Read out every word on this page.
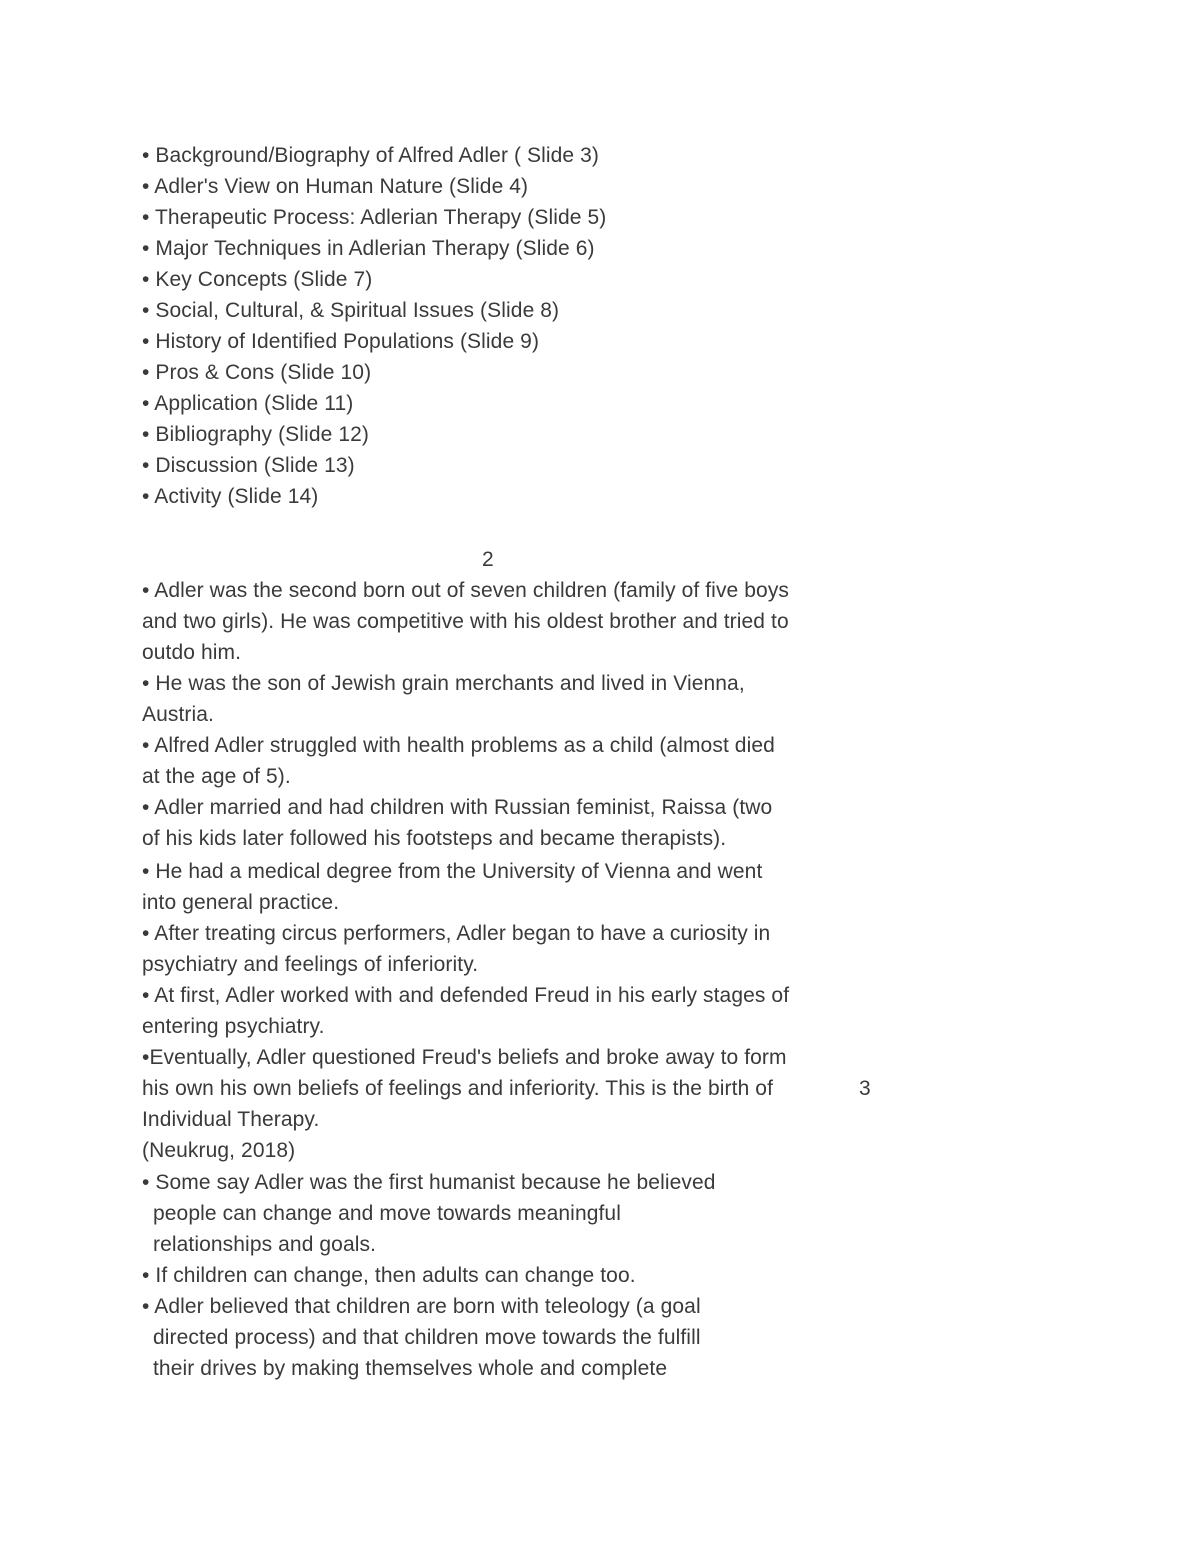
• Background/Biography of Alfred Adler ( Slide 3)
• Adler's View on Human Nature (Slide 4)
• Therapeutic Process: Adlerian Therapy (Slide 5)
• Major Techniques in Adlerian Therapy (Slide 6)
• Key Concepts (Slide 7)
• Social, Cultural, & Spiritual Issues (Slide 8)
• History of Identified Populations (Slide 9)
• Pros & Cons (Slide 10)
• Application (Slide 11)
• Bibliography (Slide 12)
• Discussion (Slide 13)
• Activity (Slide 14)
2
• Adler was the second born out of seven children (family of five boys
and two girls). He was competitive with his oldest brother and tried to
outdo him.
• He was the son of Jewish grain merchants and lived in Vienna,
Austria.
• Alfred Adler struggled with health problems as a child (almost died
at the age of 5).
• Adler married and had children with Russian feminist, Raissa (two
of his kids later followed his footsteps and became therapists).
• He had a medical degree from the University of Vienna and went
into general practice.
• After treating circus performers, Adler began to have a curiosity in
psychiatry and feelings of inferiority.
• At first, Adler worked with and defended Freud in his early stages of
entering psychiatry.
•Eventually, Adler questioned Freud's beliefs and broke away to form
his own his own beliefs of feelings and inferiority. This is the birth of	3
Individual Therapy.
(Neukrug, 2018)
• Some say Adler was the first humanist because he believed
people can change and move towards meaningful
relationships and goals.
• If children can change, then adults can change too.
• Adler believed that children are born with teleology (a goal
directed process) and that children move towards the fulfill
their drives by making themselves whole and complete
